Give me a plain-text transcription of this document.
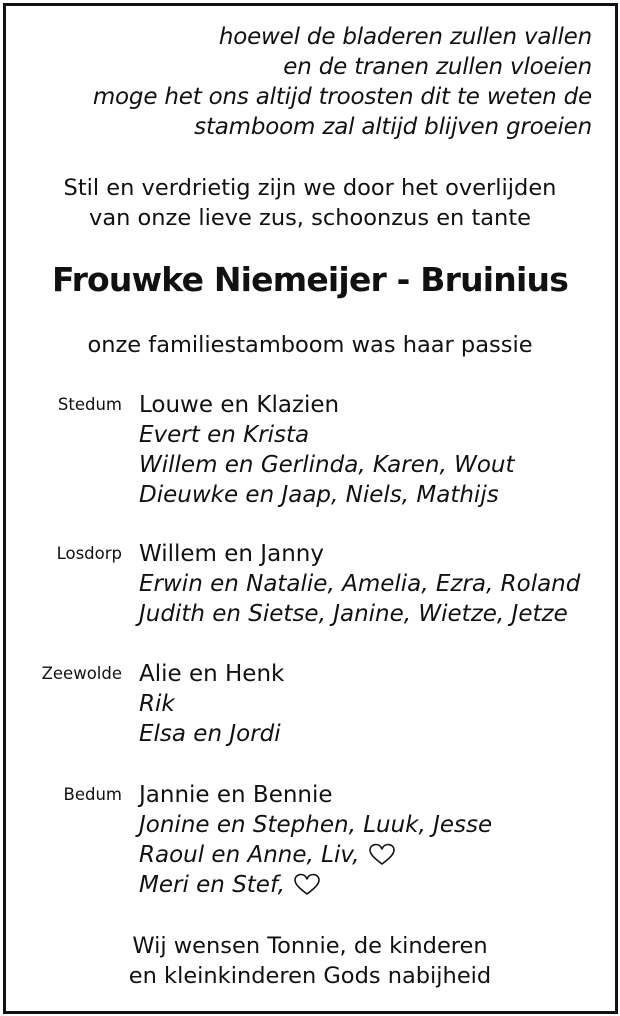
hoewel de bladeren zullen vallen
en de tranen zullen vloeien
moge het ons altijd troosten dit te weten de
stamboom zal altijd blijven groeien
Stil en verdrietig zijn we door het overlijden
van onze lieve zus, schoonzus en tante
Frouwke Niemeijer - Bruinius
onze familiestamboom was haar passie
Stedum Louwe en Klazien
Evert en Krista
Willem en Gerlinda, Karen, Wout
Dieuwke en Jaap, Niels, Mathijs
Losdorp Willem en Janny
Erwin en Natalie, Amelia, Ezra, Roland
Judith en Sietse, Janine, Wietze, Jetze
Zeewolde Alie en Henk
Rik
Elsa en Jordi
Bedum Jannie en Bennie
Jonine en Stephen, Luuk, Jesse
Raoul en Anne, Liv,
Meri en Stef,
Wij wensen Tonnie, de kinderen
en kleinkinderen Gods nabijheid
